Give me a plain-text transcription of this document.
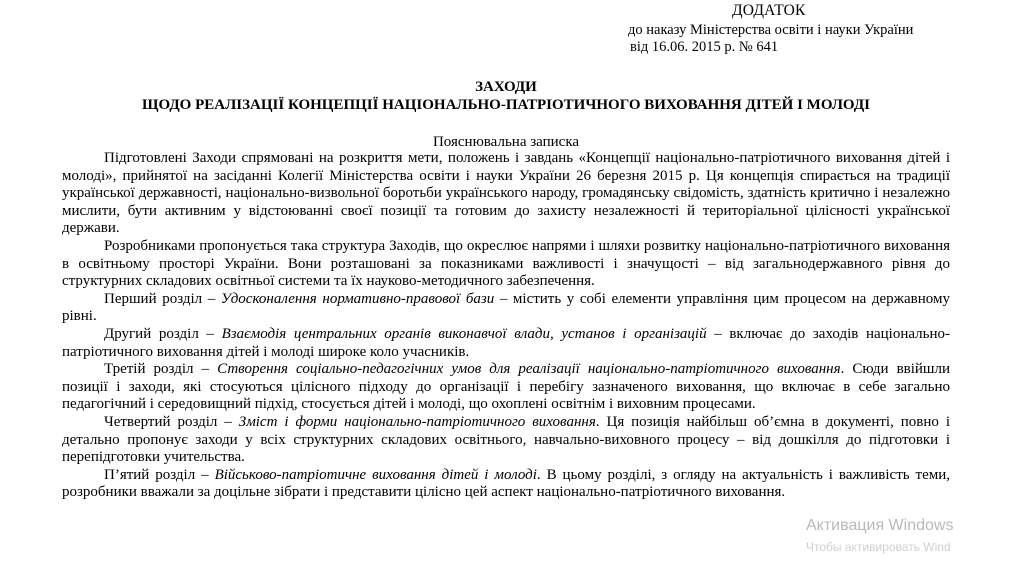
ДОДАТОК
до наказу Міністерства освіти і науки України
від 16.06. 2015 р. № 641
ЗАХОДИ
ЩОДО РЕАЛІЗАЦІЇ КОНЦЕПЦІЇ НАЦІОНАЛЬНО-ПАТРІОТИЧНОГО ВИХОВАННЯ ДІТЕЙ І МОЛОДІ
Пояснювальна записка

Підготовлені Заходи спрямовані на розкриття мети, положень і завдань «Концепції національно-патріотичного виховання дітей і молоді», прийнятої на засіданні Колегії Міністерства освіти і науки України 26 березня 2015 р. Ця концепція спирається на традиції української державності, національно-визвольної боротьби українського народу, громадянську свідомість, здатність критично і незалежно мислити, бути активним у відстоюванні своєї позиції та готовим до захисту незалежності й територіальної цілісності української держави.

Розробниками пропонується така структура Заходів, що окреслює напрями і шляхи розвитку національно-патріотичного виховання в освітньому просторі України. Вони розташовані за показниками важливості і значущості – від загальнодержавного рівня до структурних складових освітньої системи та їх науково-методичного забезпечення.

Перший розділ – Удосконалення нормативно-правової бази – містить у собі елементи управління цим процесом на державному рівні.

Другий розділ – Взаємодія центральних органів виконавчої влади, установ і організацій – включає до заходів національно-патріотичного виховання дітей і молоді широке коло учасників.

Третій розділ – Створення соціально-педагогічних умов для реалізації національно-патріотичного виховання. Сюди ввійшли позиції і заходи, які стосуються цілісного підходу до організації і перебігу зазначеного виховання, що включає в себе загально педагогічний і середовищний підхід, стосується дітей і молоді, що охоплені освітнім і виховним процесами.

Четвертий розділ – Зміст і форми національно-патріотичного виховання. Ця позиція найбільш об’ємна в документі, повно і детально пропонує заходи у всіх структурних складових освітнього, навчально-виховного процесу – від дошкілля до підготовки і перепідготовки учительства.

П’ятий розділ – Військово-патріотичне виховання дітей і молоді. В цьому розділі, з огляду на актуальність і важливість теми, розробники вважали за доцільне зібрати і представити цілісно цей аспект національно-патріотичного виховання.

Активация Windows
Чтобы активировать Wind
